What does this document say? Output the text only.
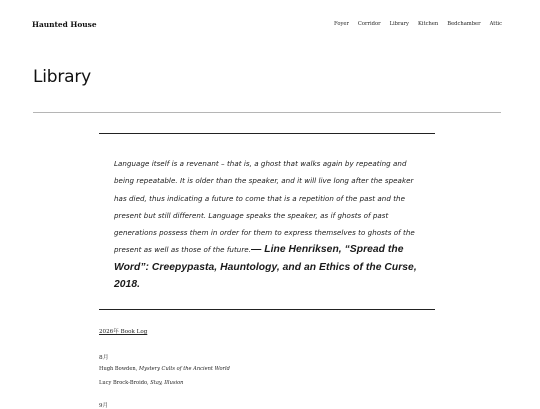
Haunted House	Foyer Corridor Library Kitchen Bedchamber Attic
Library

Language itself is a revenant – that is, a ghost that walks again by repeating and being repeatable. It is older than the speaker, and it will live long after the speaker has died, thus indicating a future to come that is a repetition of the past and the present but still different. Language speaks the speaker, as if ghosts of past generations possess them in order for them to express themselves to ghosts of the present as well as those of the future.— Line Henriksen, “Spread the Word”: Creepypasta, Hauntology, and an Ethics of the Curse, 2018.

2026年 Book Log
8月
Hugh Bowden, Mystery Cults of the Ancient World
Lucy Brock-Broido, Stay, Illusion
9月
